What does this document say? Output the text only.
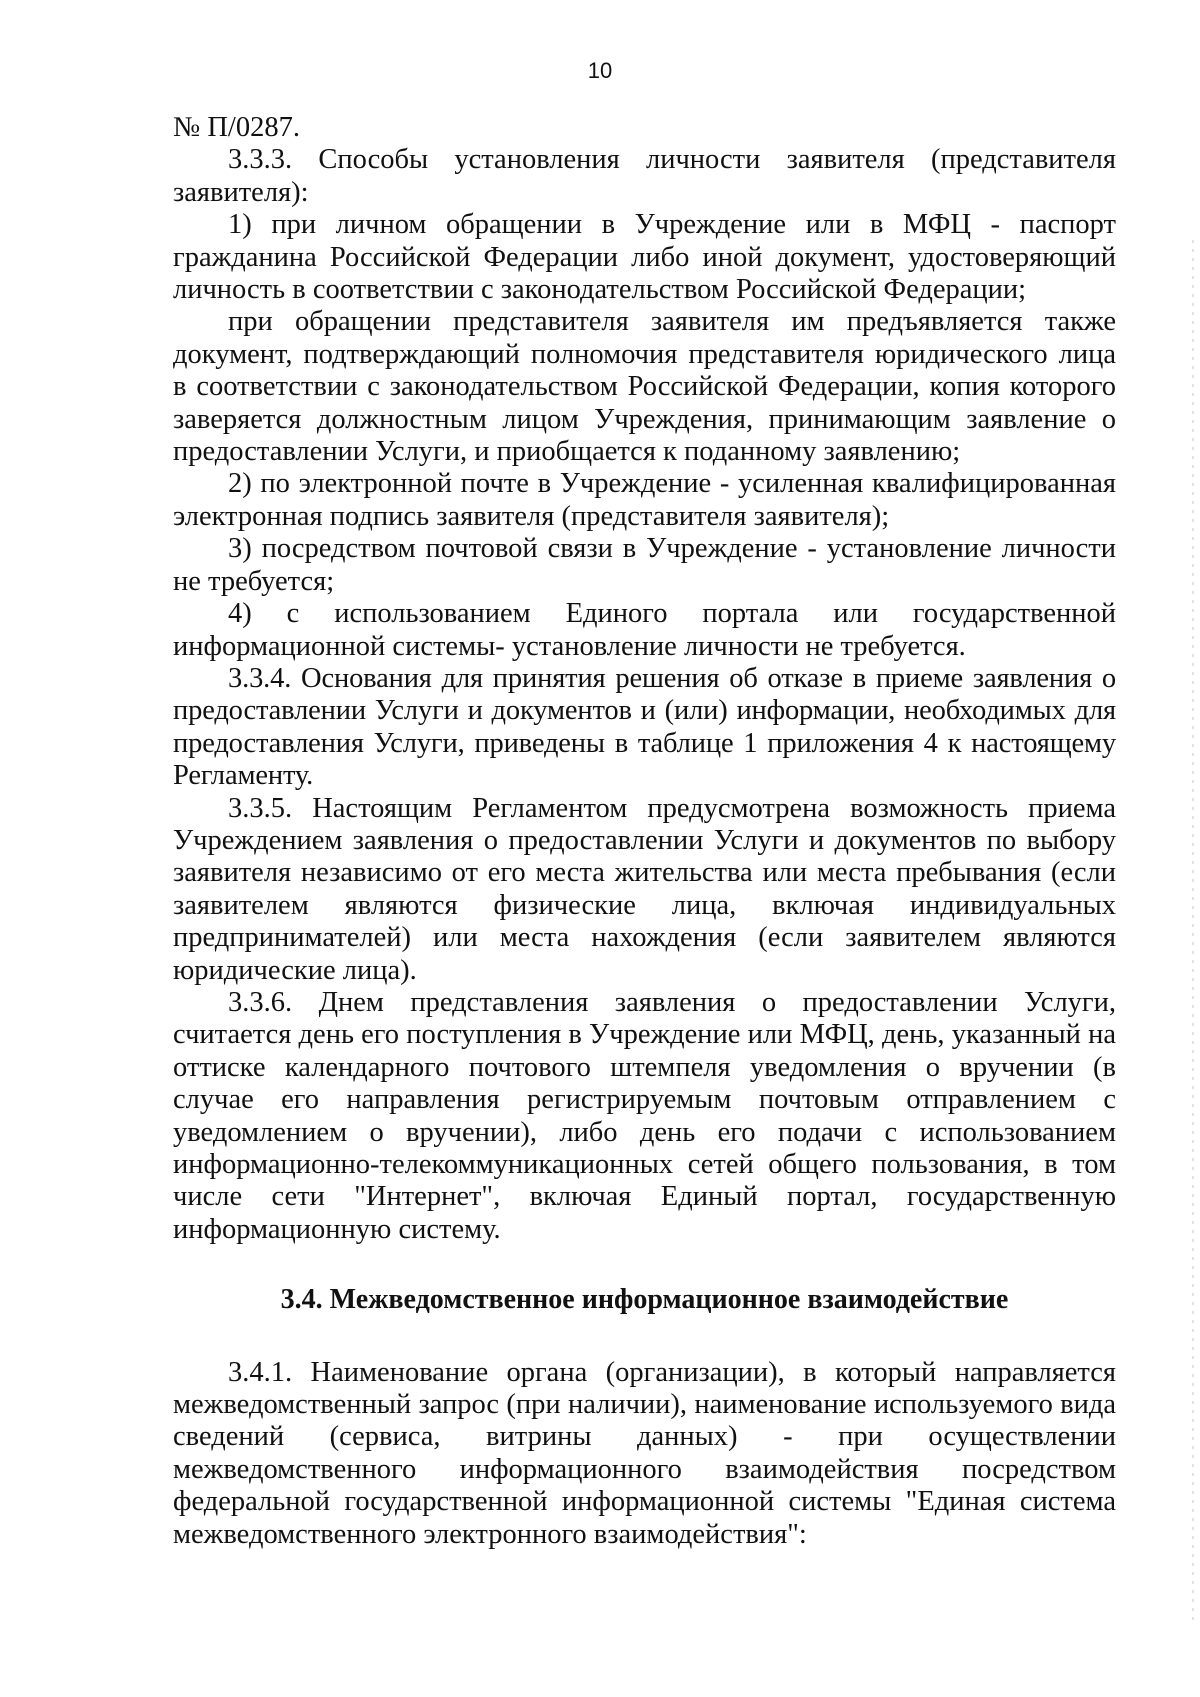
10

№ П/0287.

3.3.3. Способы установления личности заявителя (представителя заявителя):

1) при личном обращении в Учреждение или в МФЦ - паспорт гражданина Российской Федерации либо иной документ, удостоверяющий личность в соответствии с законодательством Российской Федерации;

при обращении представителя заявителя им предъявляется также документ, подтверждающий полномочия представителя юридического лица в соответствии с законодательством Российской Федерации, копия которого заверяется должностным лицом Учреждения, принимающим заявление о предоставлении Услуги, и приобщается к поданному заявлению;

2) по электронной почте в Учреждение - усиленная квалифицированная электронная подпись заявителя (представителя заявителя);

3) посредством почтовой связи в Учреждение - установление личности не требуется;

4) с использованием Единого портала или государственной информационной системы- установление личности не требуется.

3.3.4. Основания для принятия решения об отказе в приеме заявления о предоставлении Услуги и документов и (или) информации, необходимых для предоставления Услуги, приведены в таблице 1 приложения 4 к настоящему Регламенту.

3.3.5. Настоящим Регламентом предусмотрена возможность приема Учреждением заявления о предоставлении Услуги и документов по выбору заявителя независимо от его места жительства или места пребывания (если заявителем являются физические лица, включая индивидуальных предпринимателей) или места нахождения (если заявителем являются юридические лица).

3.3.6. Днем представления заявления о предоставлении Услуги, считается день его поступления в Учреждение или МФЦ, день, указанный на оттиске календарного почтового штемпеля уведомления о вручении (в случае его направления регистрируемым почтовым отправлением с уведомлением о вручении), либо день его подачи с использованием информационно-телекоммуникационных сетей общего пользования, в том числе сети "Интернет", включая Единый портал, государственную информационную систему.

3.4. Межведомственное информационное взаимодействие

3.4.1. Наименование органа (организации), в который направляется межведомственный запрос (при наличии), наименование используемого вида сведений (сервиса, витрины данных) - при осуществлении межведомственного информационного взаимодействия посредством федеральной государственной информационной системы "Единая система межведомственного электронного взаимодействия":
